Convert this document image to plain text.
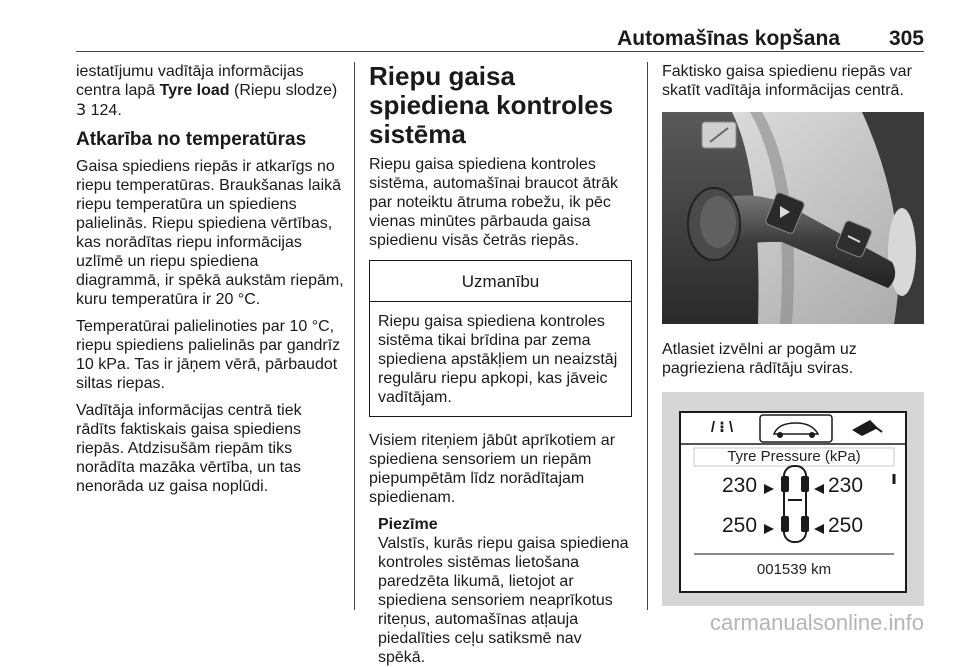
Automašīnas kopšana 305

iestatījumu vadītāja informācijas centra lapā Tyre load (Riepu slodze)
3 124.

Atkarība no temperatūras

Gaisa spiediens riepās ir atkarīgs no riepu temperatūras. Braukšanas laikā riepu temperatūra un spiediens palielinās. Riepu spiediena vērtības, kas norādītas riepu informācijas uzlīmē un riepu spiediena diagrammā, ir spēkā aukstām riepām, kuru temperatūra ir 20 °C.

Temperatūrai palielinoties par 10 °C, riepu spiediens palielinās par gandrīz 10 kPa. Tas ir jāņem vērā, pārbaudot siltas riepas.

Vadītāja informācijas centrā tiek rādīts faktiskais gaisa spiediens riepās. Atdzisušām riepām tiks norādīta mazāka vērtība, un tas nenorāda uz gaisa noplūdi.

Riepu gaisa spiediena kontroles sistēma

Riepu gaisa spiediena kontroles sistēma, automašīnai braucot ātrāk par noteiktu ātruma robežu, ik pēc vienas minūtes pārbauda gaisa spiedienu visās četrās riepās.

Uzmanību
Riepu gaisa spiediena kontroles sistēma tikai brīdina par zema spiediena apstākļiem un neaizstāj regulāru riepu apkopi, kas jāveic vadītājam.

Visiem riteņiem jābūt aprīkotiem ar spiediena sensoriem un riepām piepumpētām līdz norādītajam spiedienam.

Piezīme
Valstīs, kurās riepu gaisa spiediena kontroles sistēmas lietošana paredzēta likumā, lietojot ar spiediena sensoriem neaprīkotus riteņus, automašīnas atļauja piedalīties ceļu satiksmē nav spēkā.

Faktisko gaisa spiedienu riepās var skatīt vadītāja informācijas centrā.

Atlasiet izvēlni ar pogām uz pagrieziena rādītāju sviras.

/ ⁝ \
Tyre Pressure (kPa)
230	230
250	250
001539 km
carmanualsonline.info
